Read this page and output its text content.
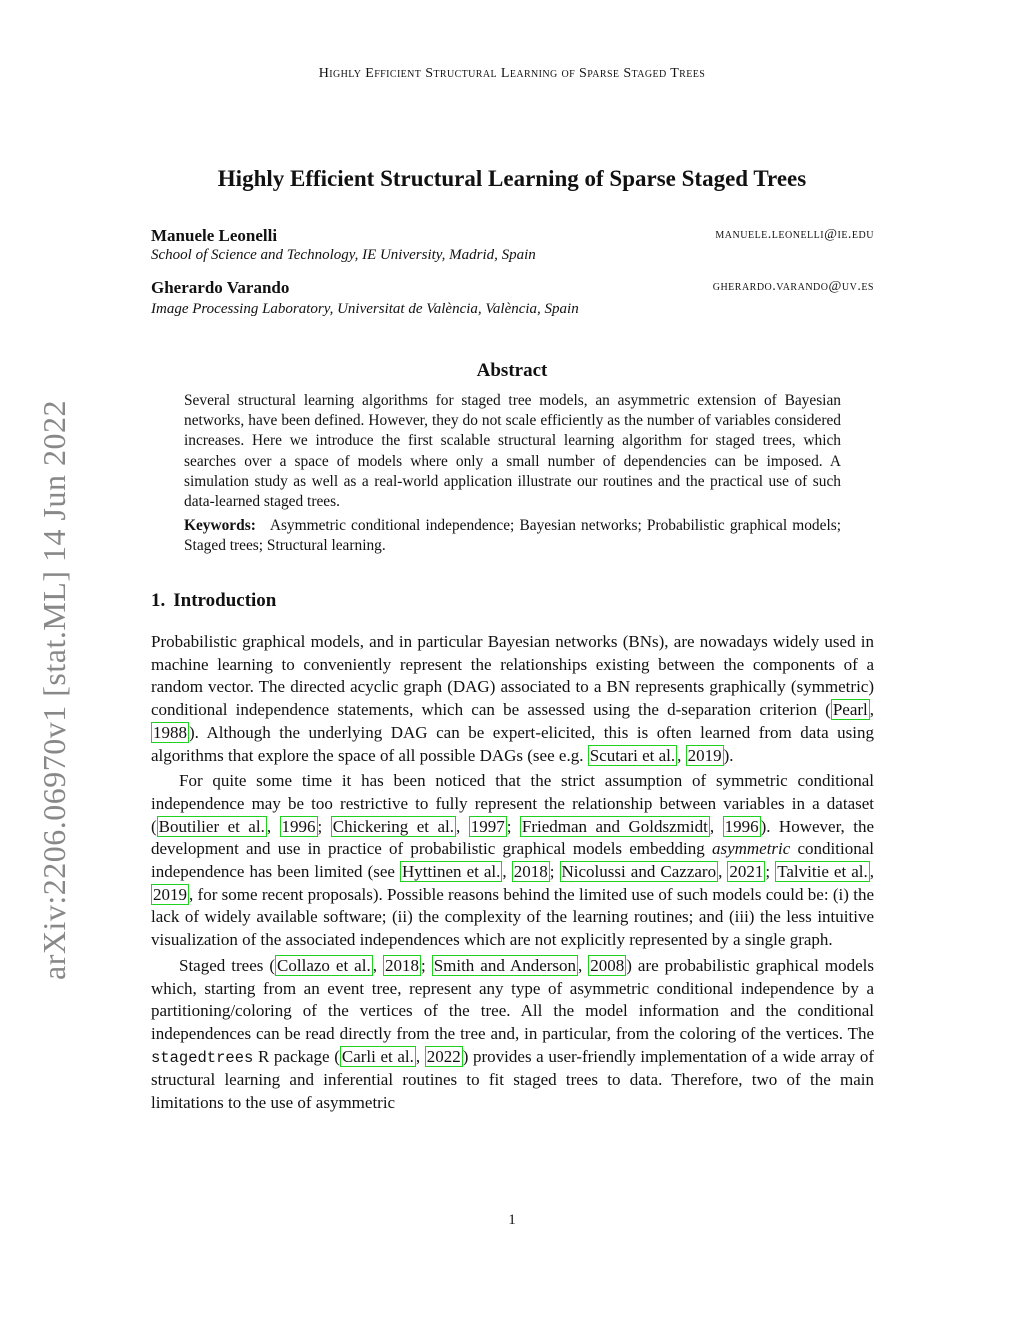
Highly Efficient Structural Learning of Sparse Staged Trees
arXiv:2206.06970v1 [stat.ML] 14 Jun 2022
Highly Efficient Structural Learning of Sparse Staged Trees
Manuele Leonelli	manuele.leonelli@ie.edu
School of Science and Technology, IE University, Madrid, Spain
Gherardo Varando	gherardo.varando@uv.es
Image Processing Laboratory, Universitat de València, València, Spain
Abstract
Several structural learning algorithms for staged tree models, an asymmetric extension of Bayesian networks, have been defined. However, they do not scale efficiently as the number of variables considered increases. Here we introduce the first scalable structural learning algorithm for staged trees, which searches over a space of models where only a small number of dependencies can be imposed. A simulation study as well as a real-world application illustrate our routines and the practical use of such data-learned staged trees.
Keywords: Asymmetric conditional independence; Bayesian networks; Probabilistic graphical models; Staged trees; Structural learning.
1. Introduction

Probabilistic graphical models, and in particular Bayesian networks (BNs), are nowadays widely used in machine learning to conveniently represent the relationships existing between the components of a random vector. The directed acyclic graph (DAG) associated to a BN represents graphically (symmetric) conditional independence statements, which can be assessed using the d-separation criterion ( Pearl , 1988 ). Although the underlying DAG can be expert-elicited, this is often learned from data using algorithms that explore the space of all possible DAGs (see e.g. Scutari et al. , 2019 ).

For quite some time it has been noticed that the strict assumption of symmetric conditional independence may be too restrictive to fully represent the relationship between variables in a dataset ( Boutilier et al. , 1996 ; Chickering et al. , 1997 ; Friedman and Goldszmidt , 1996 ). However, the development and use in practice of probabilistic graphical models embedding asymmetric conditional independence has been limited (see Hyttinen et al. , 2018 ; Nicolussi and Cazzaro , 2021 ; Talvitie et al. , 2019 , for some recent proposals). Possible reasons behind the limited use of such models could be: (i) the lack of widely available software; (ii) the complexity of the learning routines; and (iii) the less intuitive visualization of the associated independences which are not explicitly represented by a single graph.

Staged trees ( Collazo et al. , 2018 ; Smith and Anderson , 2008 ) are probabilistic graphical models which, starting from an event tree, represent any type of asymmetric conditional independence by a partitioning/coloring of the vertices of the tree. All the model information and the conditional independences can be read directly from the tree and, in particular, from the coloring of the vertices. The stagedtrees R package ( Carli et al. , 2022 ) provides a user-friendly implementation of a wide array of structural learning and inferential routines to fit staged trees to data. Therefore, two of the main limitations to the use of asymmetric

1
